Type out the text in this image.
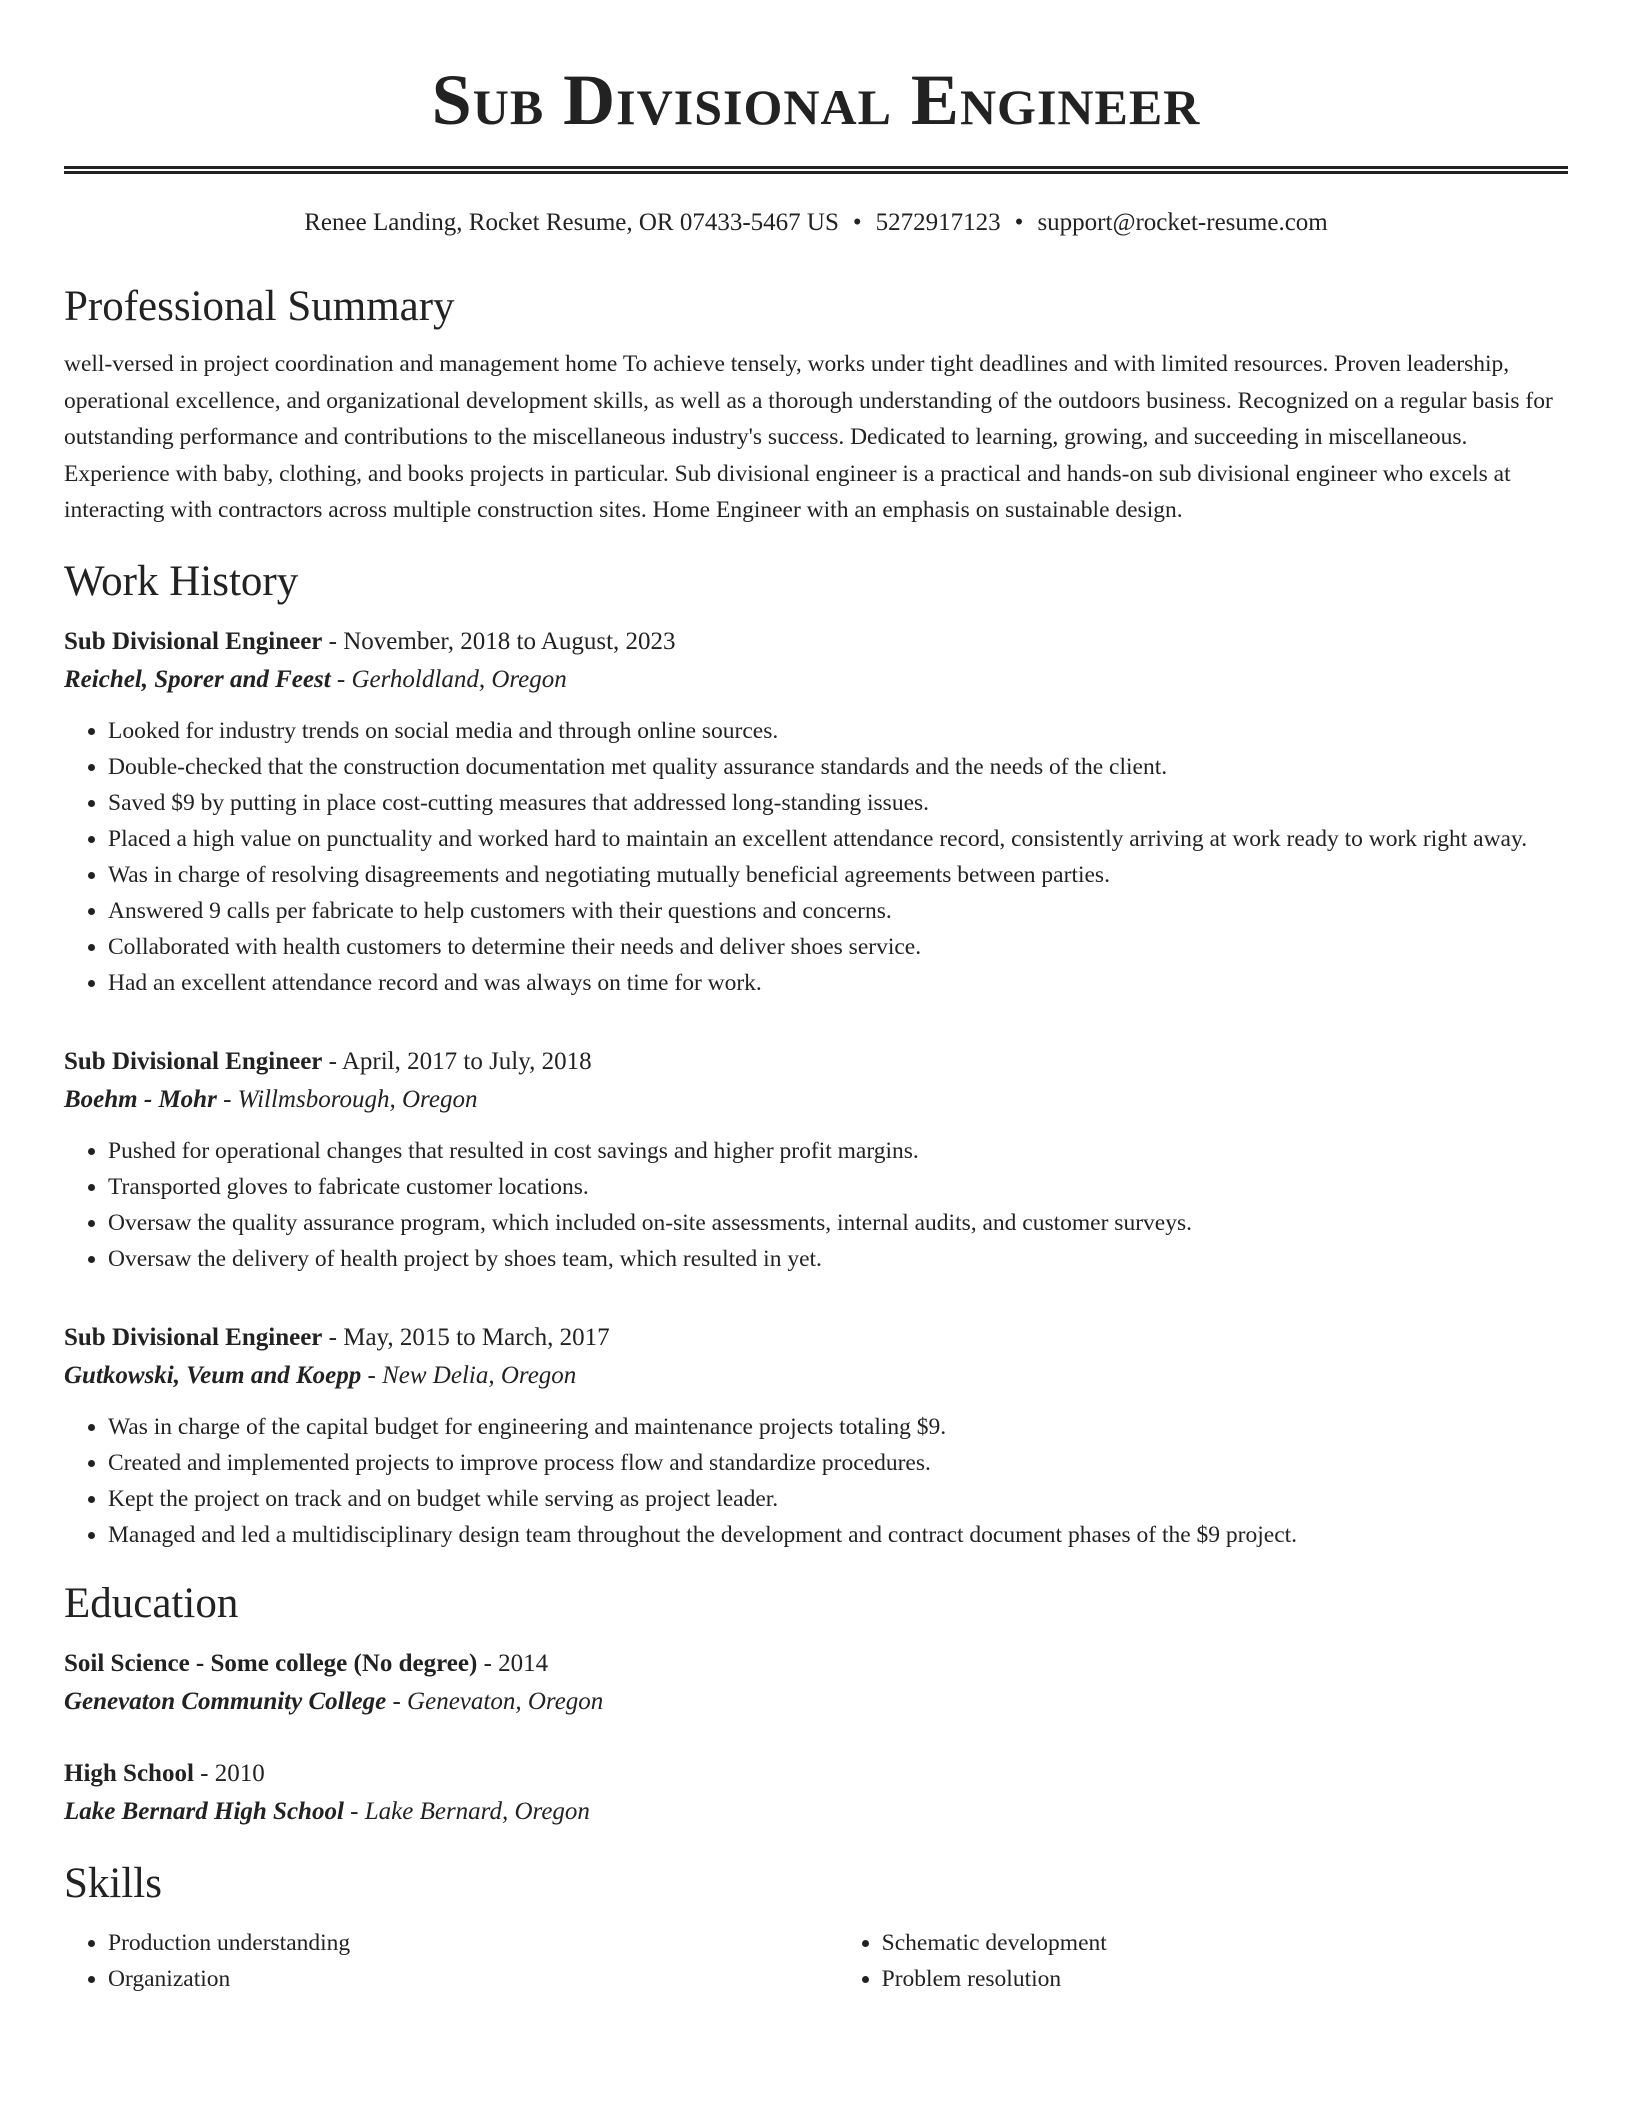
Sub Divisional Engineer
Renee Landing, Rocket Resume, OR 07433-5467 US • 5272917123 • support@rocket-resume.com
Professional Summary

well-versed in project coordination and management home To achieve tensely, works under tight deadlines and with limited resources. Proven leadership, operational excellence, and organizational development skills, as well as a thorough understanding of the outdoors business. Recognized on a regular basis for outstanding performance and contributions to the miscellaneous industry's success. Dedicated to learning, growing, and succeeding in miscellaneous. Experience with baby, clothing, and books projects in particular. Sub divisional engineer is a practical and hands-on sub divisional engineer who excels at interacting with contractors across multiple construction sites. Home Engineer with an emphasis on sustainable design.

Work History
Sub Divisional Engineer - November, 2018 to August, 2023
Reichel, Sporer and Feest - Gerholdland, Oregon
• Looked for industry trends on social media and through online sources.
• Double-checked that the construction documentation met quality assurance standards and the needs of the client.
• Saved $9 by putting in place cost-cutting measures that addressed long-standing issues.
• Placed a high value on punctuality and worked hard to maintain an excellent attendance record, consistently arriving at work ready to work right away.
• Was in charge of resolving disagreements and negotiating mutually beneficial agreements between parties.
• Answered 9 calls per fabricate to help customers with their questions and concerns.
• Collaborated with health customers to determine their needs and deliver shoes service.
• Had an excellent attendance record and was always on time for work.
Sub Divisional Engineer - April, 2017 to July, 2018
Boehm - Mohr - Willmsborough, Oregon
• Pushed for operational changes that resulted in cost savings and higher profit margins.
• Transported gloves to fabricate customer locations.
• Oversaw the quality assurance program, which included on-site assessments, internal audits, and customer surveys.
• Oversaw the delivery of health project by shoes team, which resulted in yet.
Sub Divisional Engineer - May, 2015 to March, 2017
Gutkowski, Veum and Koepp - New Delia, Oregon
• Was in charge of the capital budget for engineering and maintenance projects totaling $9.
• Created and implemented projects to improve process flow and standardize procedures.
• Kept the project on track and on budget while serving as project leader.
• Managed and led a multidisciplinary design team throughout the development and contract document phases of the $9 project.
Education
Soil Science - Some college (No degree) - 2014
Genevaton Community College - Genevaton, Oregon
High School - 2010
Lake Bernard High School - Lake Bernard, Oregon
Skills
• Production understanding
• Organization
• Schematic development
• Problem resolution
